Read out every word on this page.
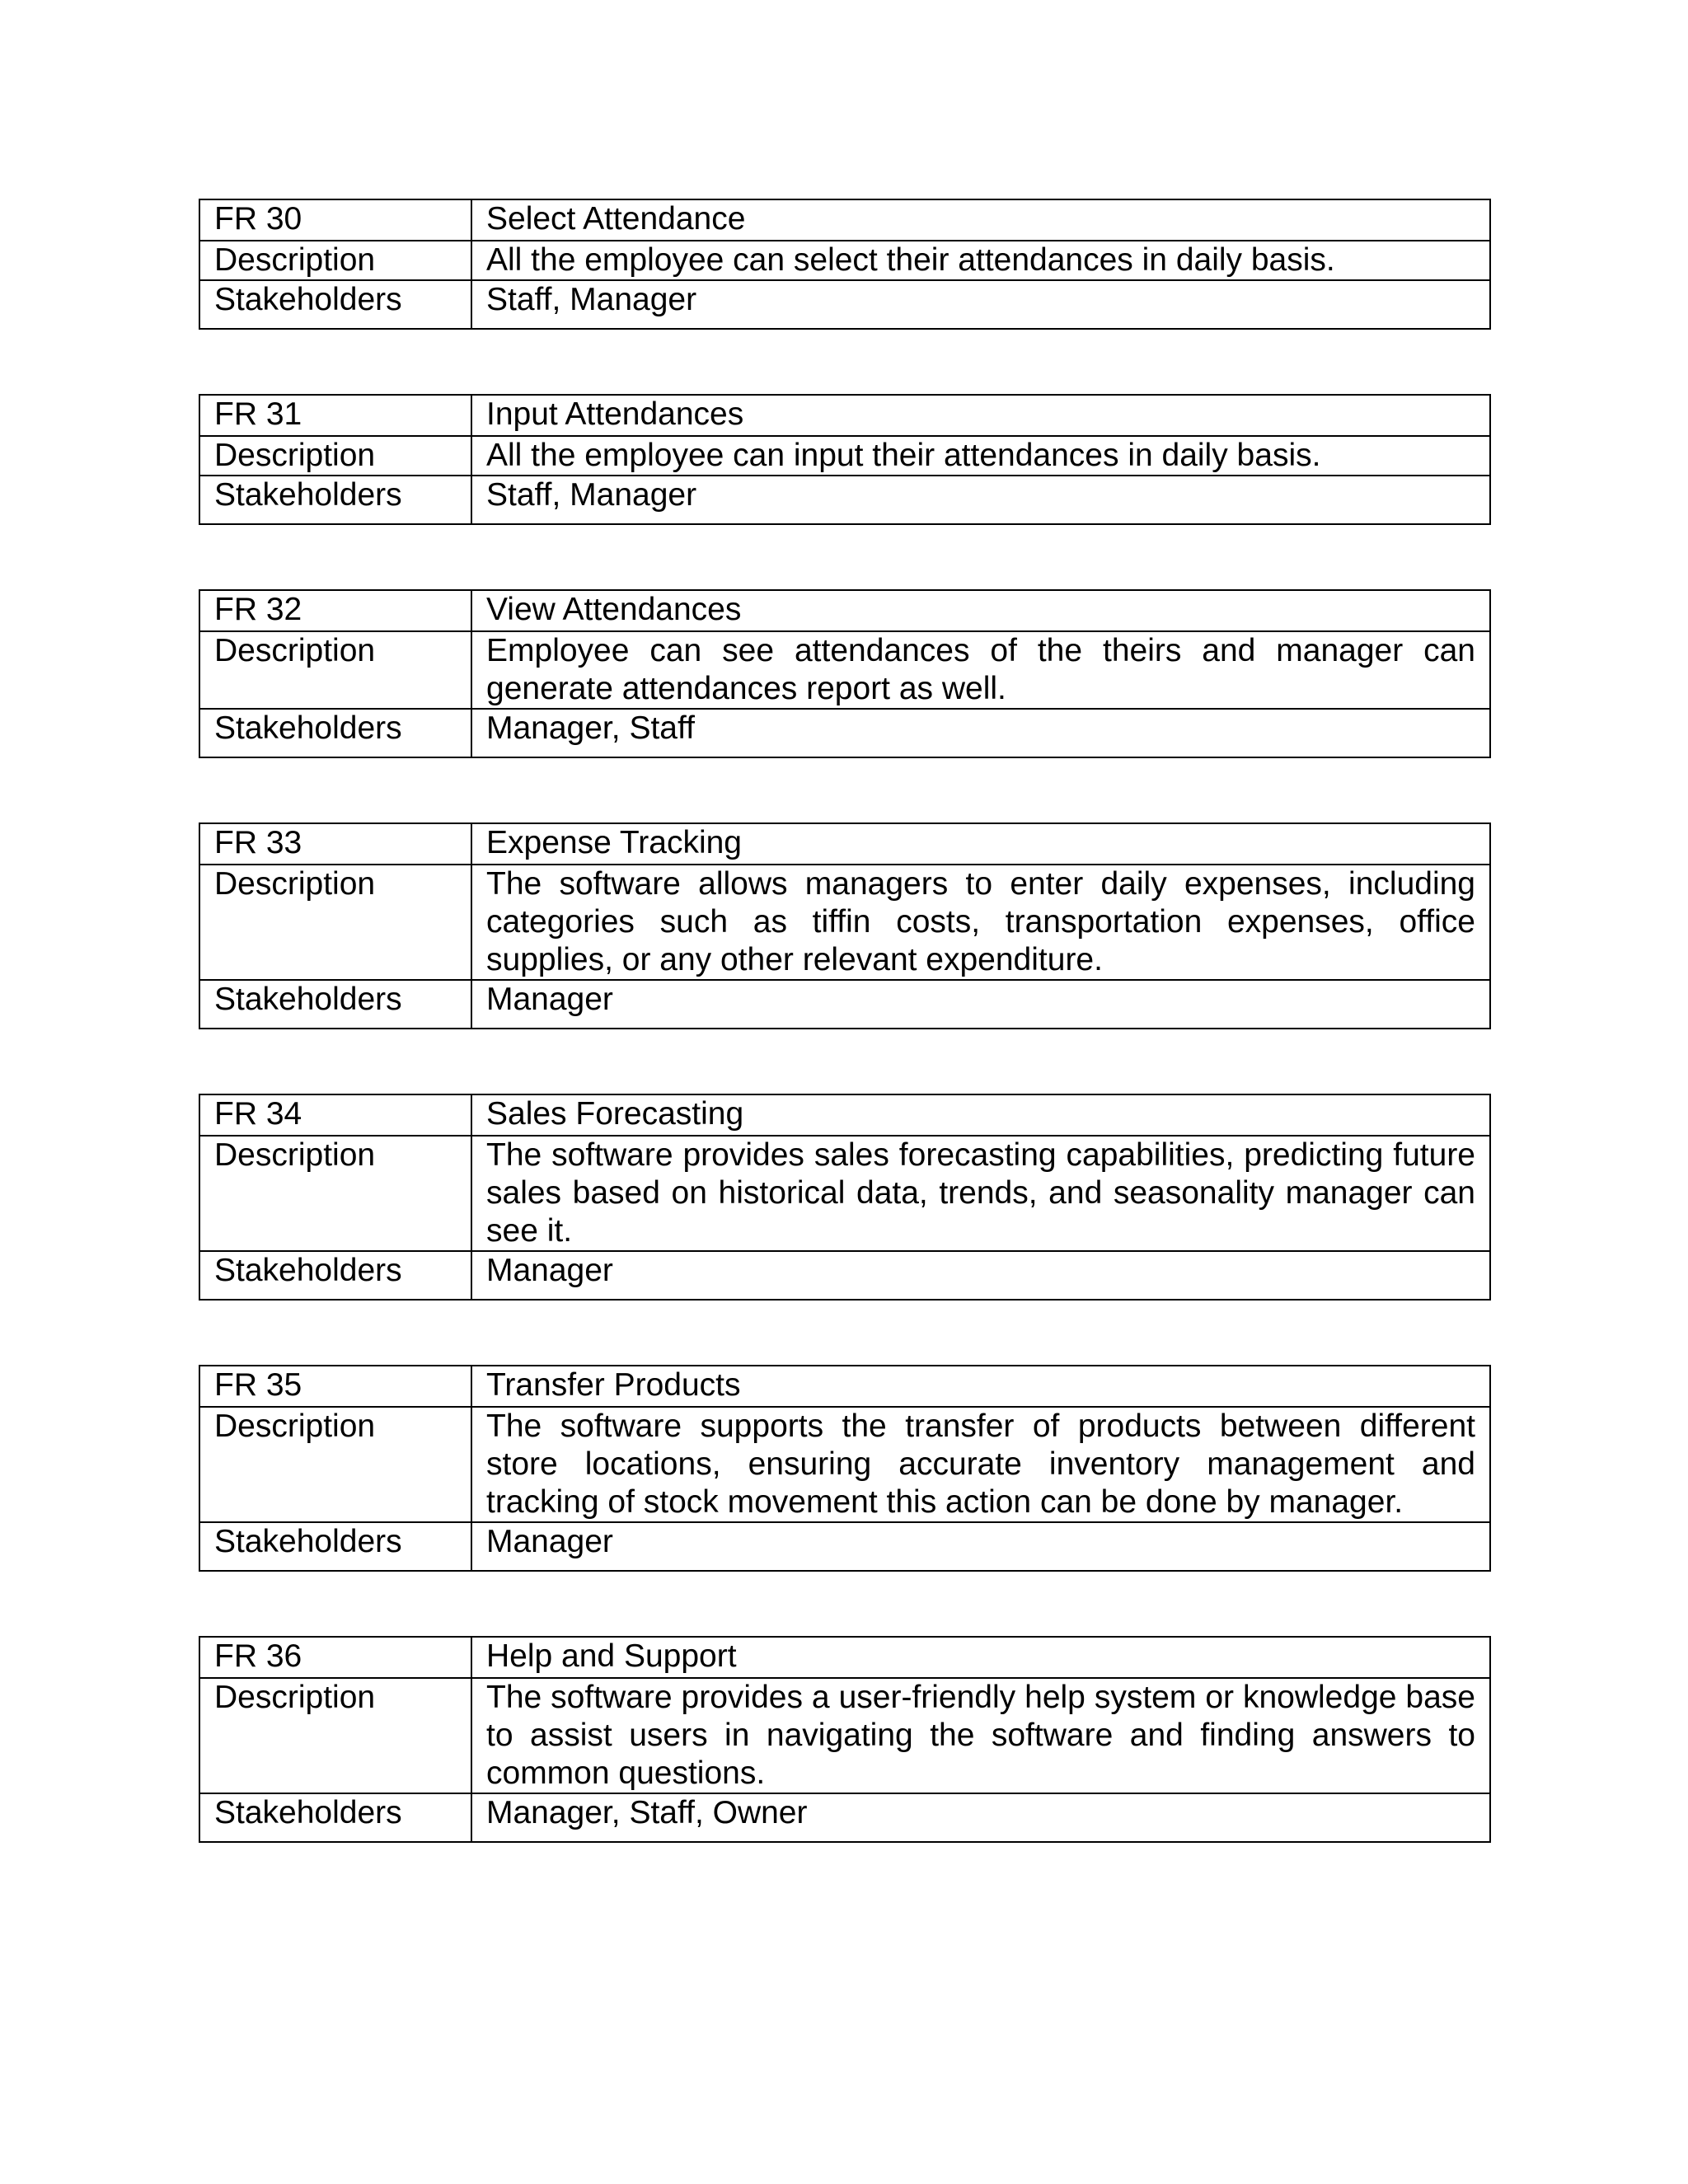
FR 30	Select Attendance
Description	All the employee can select their attendances in daily basis.
Stakeholders	Staff, Manager
FR 31	Input Attendances
Description	All the employee can input their attendances in daily basis.
Stakeholders	Staff, Manager
FR 32	View Attendances
Description	Employee can see attendances of the theirs and manager can generate attendances report as well.
Stakeholders	Manager, Staff
FR 33	Expense Tracking
Description	The software allows managers to enter daily expenses, including categories such as tiffin costs, transportation expenses, office supplies, or any other relevant expenditure.
Stakeholders	Manager
FR 34	Sales Forecasting
Description	The software provides sales forecasting capabilities, predicting future sales based on historical data, trends, and seasonality manager can see it.
Stakeholders	Manager
FR 35	Transfer Products
Description	The software supports the transfer of products between different store locations, ensuring accurate inventory management and tracking of stock movement this action can be done by manager.
Stakeholders	Manager
FR 36	Help and Support
Description	The software provides a user-friendly help system or knowledge base to assist users in navigating the software and finding answers to common questions.
Stakeholders	Manager, Staff, Owner
